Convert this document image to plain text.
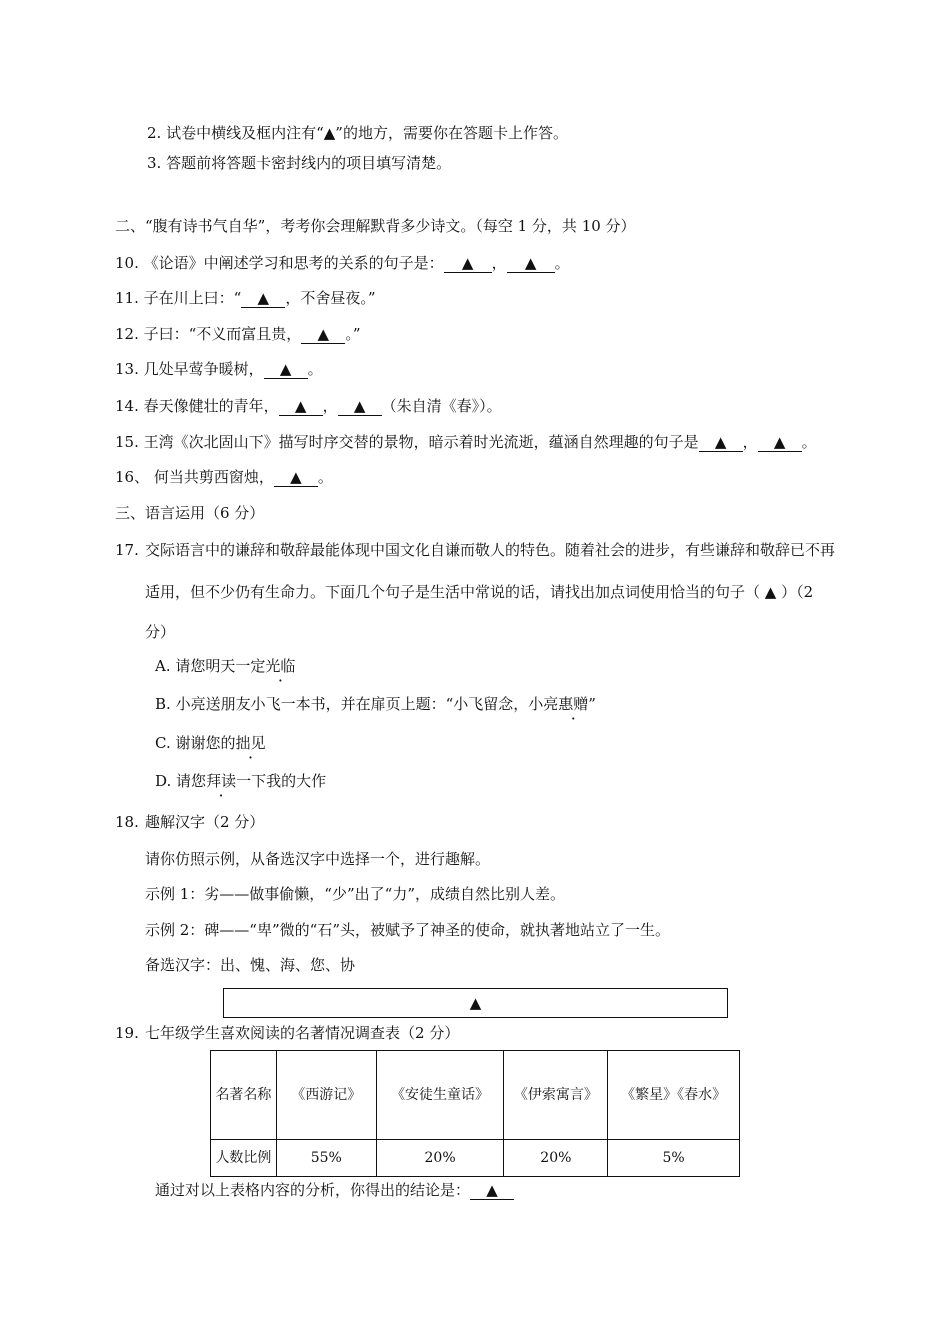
2. 试卷中横线及框内注有“▲”的地方，需要你在答题卡上作答。
3. 答题前将答题卡密封线内的项目填写清楚。
二、“腹有诗书气自华”，考考你会理解默背多少诗文。（每空 1 分，共 10 分）
10. 《论语》中阐述学习和思考的关系的句子是： ▲ ， ▲ 。
11. 子在川上曰：“ ▲ ，不舍昼夜。”
12. 子曰：“不义而富且贵， ▲ 。”
13. 几处早莺争暖树， ▲ 。
14. 春天像健壮的青年， ▲ ， ▲ （朱自清《春》）。
15. 王湾《次北固山下》描写时序交替的景物，暗示着时光流逝，蕴涵自然理趣的句子是 ▲ ， ▲ 。
16、 何当共剪西窗烛， ▲ 。
三、语言运用（6 分）
17. 交际语言中的谦辞和敬辞最能体现中国文化自谦而敬人的特色。随着社会的进步，有些谦辞和敬辞已不再
适用，但不少仍有生命力。下面几个句子是生活中常说的话，请找出加点词使用恰当的句子（ ▲ ）（2
分）
A. 请您明天一定光临
B. 小亮送朋友小飞一本书，并在扉页上题：“小飞留念，小亮惠赠”
C. 谢谢您的拙见
D. 请您拜读一下我的大作
18. 趣解汉字（2 分）
请你仿照示例，从备选汉字中选择一个，进行趣解。
示例 1：劣——做事偷懒，“少”出了“力”，成绩自然比别人差。
示例 2：碑——“卑”微的“石”头，被赋予了神圣的使命，就执著地站立了一生。
备选汉字：出、愧、海、您、协
▲
19. 七年级学生喜欢阅读的名著情况调查表（2 分）
名著名称	《西游记》	《安徒生童话》	《伊索寓言》	《繁星》《春水》
人数比例	55%	20%	20%	5%
通过对以上表格内容的分析，你得出的结论是： ▲
